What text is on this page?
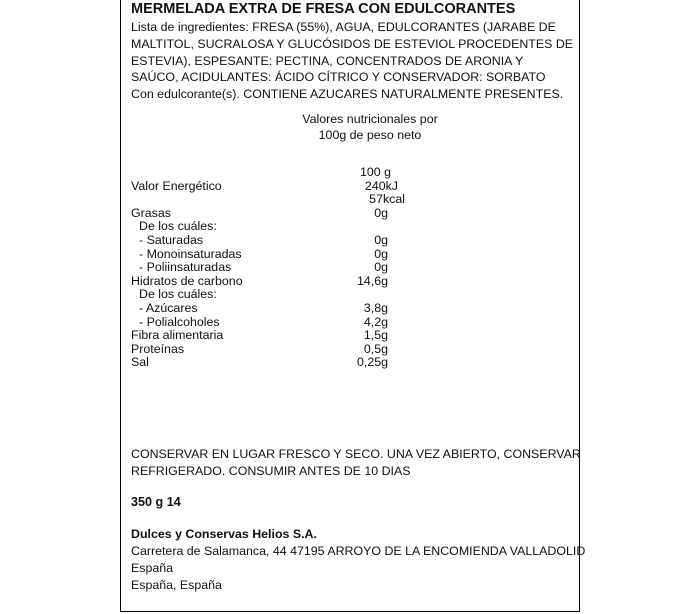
MERMELADA EXTRA DE FRESA CON EDULCORANTES
Lista de ingredientes: FRESA (55%), AGUA, EDULCORANTES (JARABE DE
MALTITOL, SUCRALOSA Y GLUCÓSIDOS DE ESTEVIOL PROCEDENTES DE
ESTEVIA), ESPESANTE: PECTINA, CONCENTRADOS DE ARONIA Y
SAÚCO, ACIDULANTES: ÁCIDO CÍTRICO Y CONSERVADOR: SORBATO
Con edulcorante(s). CONTIENE AZUCARES NATURALMENTE PRESENTES.
Valores nutricionales por
100g de peso neto
100 g
Valor Energético	240kJ
57kcal
Grasas	0g
De los cuáles:
- Saturadas	0g
- Monoinsaturadas	0g
- Poliinsaturadas	0g
Hidratos de carbono	14,6g
De los cuáles:
- Azúcares	3,8g
- Polialcoholes	4,2g
Fibra alimentaria	1,5g
Proteínas	0,5g
Sal	0,25g
CONSERVAR EN LUGAR FRESCO Y SECO. UNA VEZ ABIERTO, CONSERVAR
REFRIGERADO. CONSUMIR ANTES DE 10 DIAS
350 g 14
Dulces y Conservas Helios S.A.
Carretera de Salamanca, 44 47195 ARROYO DE LA ENCOMIENDA VALLADOLID
España
España, España
